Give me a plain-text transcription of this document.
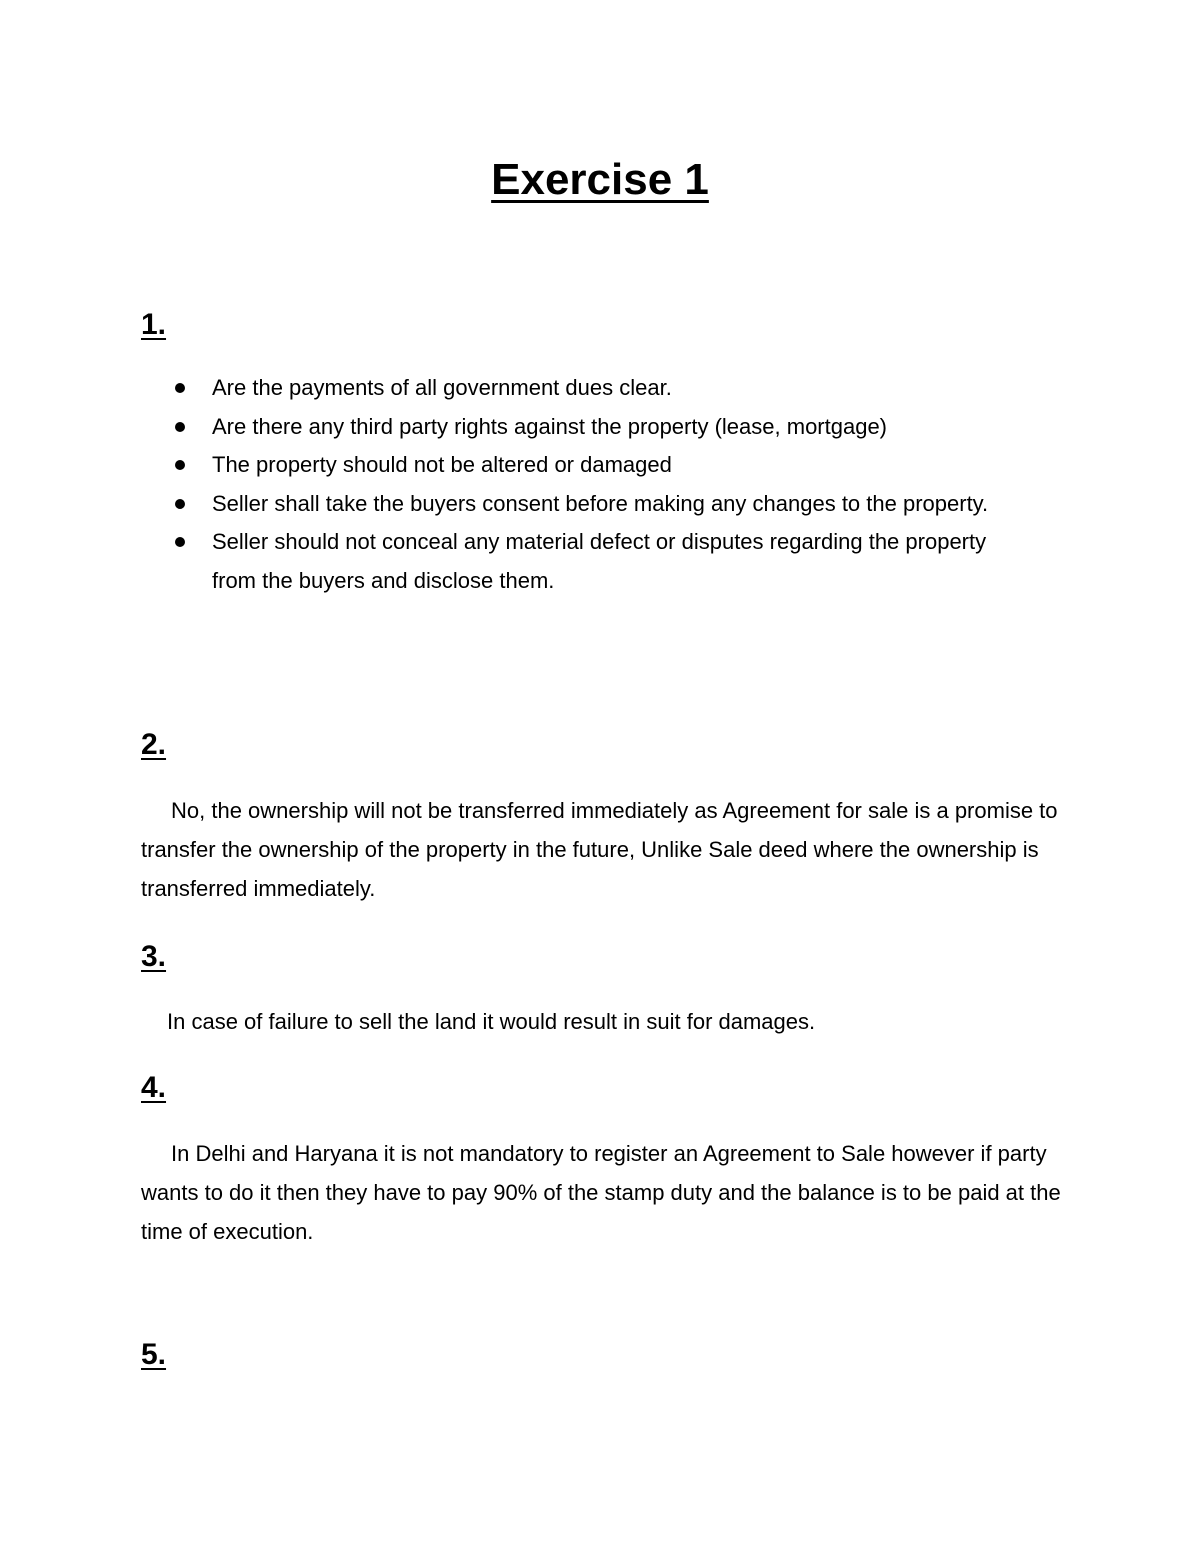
Exercise 1
1.
Are the payments of all government dues clear.
Are there any third party rights against the property (lease, mortgage)
The property should not be altered or damaged
Seller shall take the buyers consent before making any changes to the property.
Seller should not conceal any material defect or disputes regarding the property from the buyers and disclose them.
2.

No, the ownership will not be transferred immediately as Agreement for sale is a promise to transfer the ownership of the property in the future, Unlike Sale deed where the ownership is transferred immediately.

3.

In case of failure to sell the land it would result in suit for damages.

4.

In Delhi and Haryana it is not mandatory to register an Agreement to Sale however if party wants to do it then they have to pay 90% of the stamp duty and the balance is to be paid at the time of execution.

5.
